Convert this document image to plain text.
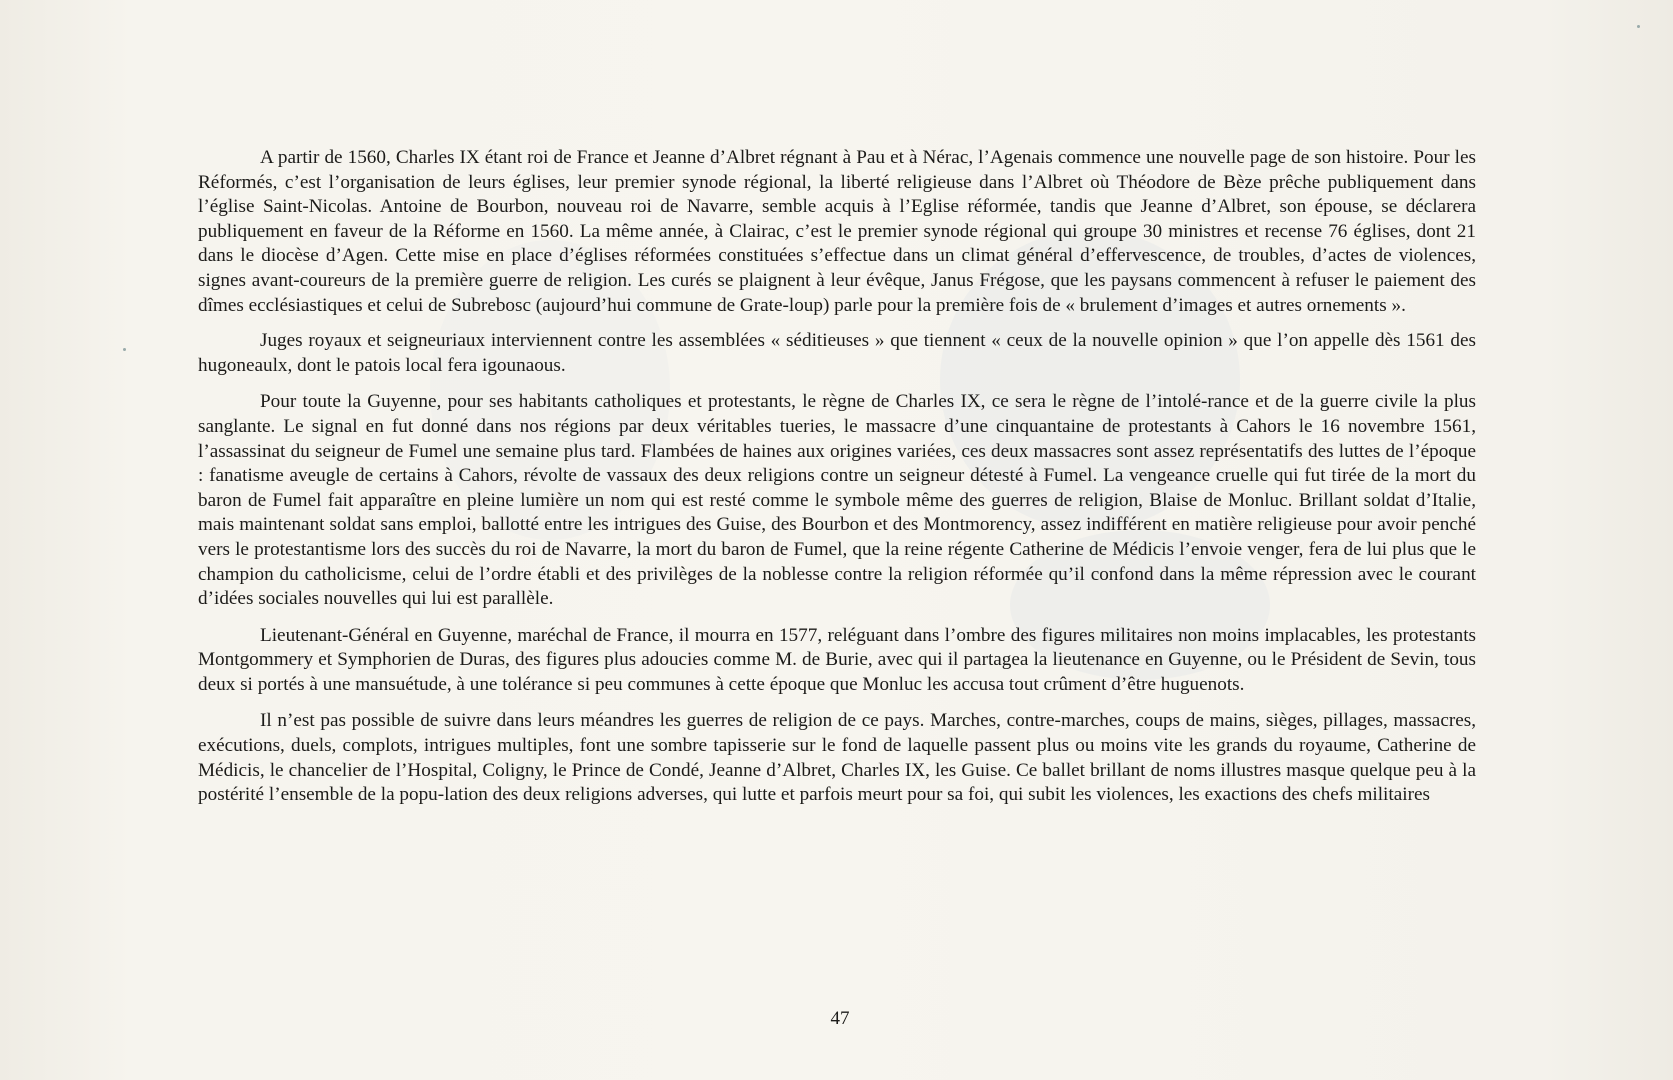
A partir de 1560, Charles IX étant roi de France et Jeanne d’Albret régnant à Pau et à Nérac, l’Agenais commence une nouvelle page de son histoire. Pour les Réformés, c’est l’organisation de leurs églises, leur premier synode régional, la liberté religieuse dans l’Albret où Théodore de Bèze prêche publiquement dans l’église Saint-Nicolas. Antoine de Bourbon, nouveau roi de Navarre, semble acquis à l’Eglise réformée, tandis que Jeanne d’Albret, son épouse, se déclarera publiquement en faveur de la Réforme en 1560. La même année, à Clairac, c’est le premier synode régional qui groupe 30 ministres et recense 76 églises, dont 21 dans le diocèse d’Agen. Cette mise en place d’églises réformées constituées s’effectue dans un climat général d’effervescence, de troubles, d’actes de violences, signes avant-coureurs de la première guerre de religion. Les curés se plaignent à leur évêque, Janus Frégose, que les paysans commencent à refuser le paiement des dîmes ecclésiastiques et celui de Subrebosc (aujourd’hui commune de Grate-loup) parle pour la première fois de « brulement d’images et autres ornements ».

Juges royaux et seigneuriaux interviennent contre les assemblées « séditieuses » que tiennent « ceux de la nouvelle opinion » que l’on appelle dès 1561 des hugoneaulx, dont le patois local fera igounaous.

Pour toute la Guyenne, pour ses habitants catholiques et protestants, le règne de Charles IX, ce sera le règne de l’intolé-rance et de la guerre civile la plus sanglante. Le signal en fut donné dans nos régions par deux véritables tueries, le massacre d’une cinquantaine de protestants à Cahors le 16 novembre 1561, l’assassinat du seigneur de Fumel une semaine plus tard. Flambées de haines aux origines variées, ces deux massacres sont assez représentatifs des luttes de l’époque : fanatisme aveugle de certains à Cahors, révolte de vassaux des deux religions contre un seigneur détesté à Fumel. La vengeance cruelle qui fut tirée de la mort du baron de Fumel fait apparaître en pleine lumière un nom qui est resté comme le symbole même des guerres de religion, Blaise de Monluc. Brillant soldat d’Italie, mais maintenant soldat sans emploi, ballotté entre les intrigues des Guise, des Bourbon et des Montmorency, assez indifférent en matière religieuse pour avoir penché vers le protestantisme lors des succès du roi de Navarre, la mort du baron de Fumel, que la reine régente Catherine de Médicis l’envoie venger, fera de lui plus que le champion du catholicisme, celui de l’ordre établi et des privilèges de la noblesse contre la religion réformée qu’il confond dans la même répression avec le courant d’idées sociales nouvelles qui lui est parallèle.

Lieutenant-Général en Guyenne, maréchal de France, il mourra en 1577, reléguant dans l’ombre des figures militaires non moins implacables, les protestants Montgommery et Symphorien de Duras, des figures plus adoucies comme M. de Burie, avec qui il partagea la lieutenance en Guyenne, ou le Président de Sevin, tous deux si portés à une mansuétude, à une tolérance si peu communes à cette époque que Monluc les accusa tout crûment d’être huguenots.

Il n’est pas possible de suivre dans leurs méandres les guerres de religion de ce pays. Marches, contre-marches, coups de mains, sièges, pillages, massacres, exécutions, duels, complots, intrigues multiples, font une sombre tapisserie sur le fond de laquelle passent plus ou moins vite les grands du royaume, Catherine de Médicis, le chancelier de l’Hospital, Coligny, le Prince de Condé, Jeanne d’Albret, Charles IX, les Guise. Ce ballet brillant de noms illustres masque quelque peu à la postérité l’ensemble de la popu-lation des deux religions adverses, qui lutte et parfois meurt pour sa foi, qui subit les violences, les exactions des chefs militaires

47
